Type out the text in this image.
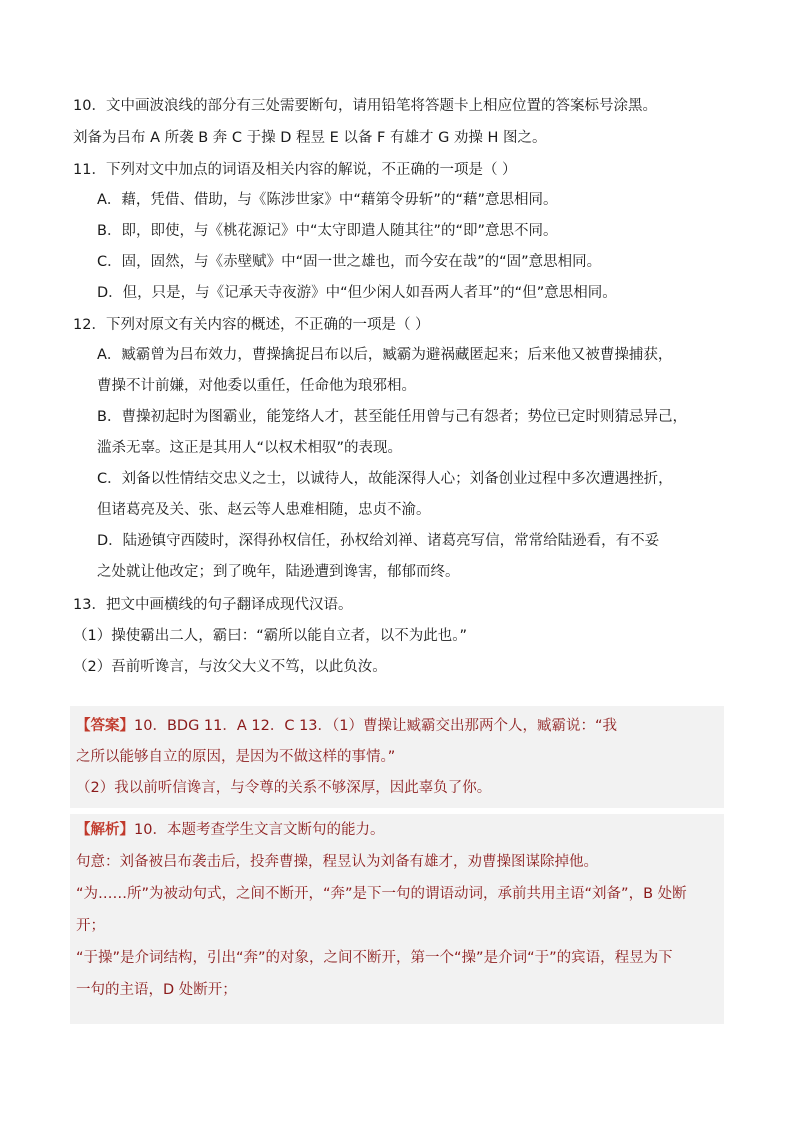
10．文中画波浪线的部分有三处需要断句，请用铅笔将答题卡上相应位置的答案标号涂黑。
刘备为吕布 A 所袭 B 奔 C 于操 D 程昱 E 以备 F 有雄才 G 劝操 H 图之。
11．下列对文中加点的词语及相关内容的解说，不正确的一项是（ ）
A．藉，凭借、借助，与《陈涉世家》中“藉第令毋斩”的“藉”意思相同。
B．即，即使，与《桃花源记》中“太守即遣人随其往”的“即”意思不同。
C．固，固然，与《赤壁赋》中“固一世之雄也，而今安在哉”的“固”意思相同。
D．但，只是，与《记承天寺夜游》中“但少闲人如吾两人者耳”的“但”意思相同。
12．下列对原文有关内容的概述，不正确的一项是（ ）
A．臧霸曾为吕布效力，曹操擒捉吕布以后，臧霸为避祸藏匿起来；后来他又被曹操捕获，
曹操不计前嫌，对他委以重任，任命他为琅邪相。
B．曹操初起时为图霸业，能笼络人才，甚至能任用曾与己有怨者；势位已定时则猜忌异己，
滥杀无辜。这正是其用人“以权术相驭”的表现。
C．刘备以性情结交忠义之士，以诚待人，故能深得人心；刘备创业过程中多次遭遇挫折，
但诸葛亮及关、张、赵云等人患难相随，忠贞不渝。
D．陆逊镇守西陵时，深得孙权信任，孙权给刘禅、诸葛亮写信，常常给陆逊看，有不妥
之处就让他改定；到了晚年，陆逊遭到谗害，郁郁而终。
13．把文中画横线的句子翻译成现代汉语。
（1）操使霸出二人，霸曰：“霸所以能自立者，以不为此也。”
（2）吾前听谗言，与汝父大义不笃，以此负汝。
【答案】10．BDG 11．A 12．C 13．（1）曹操让臧霸交出那两个人，臧霸说：“我
之所以能够自立的原因，是因为不做这样的事情。”
（2）我以前听信谗言，与令尊的关系不够深厚，因此辜负了你。
【解析】10．本题考查学生文言文断句的能力。
句意：刘备被吕布袭击后，投奔曹操，程昱认为刘备有雄才，劝曹操图谋除掉他。
“为……所”为被动句式，之间不断开，“奔”是下一句的谓语动词，承前共用主语“刘备”，B 处断
开；
“于操”是介词结构，引出“奔”的对象，之间不断开，第一个“操”是介词“于”的宾语，程昱为下
一句的主语，D 处断开；
